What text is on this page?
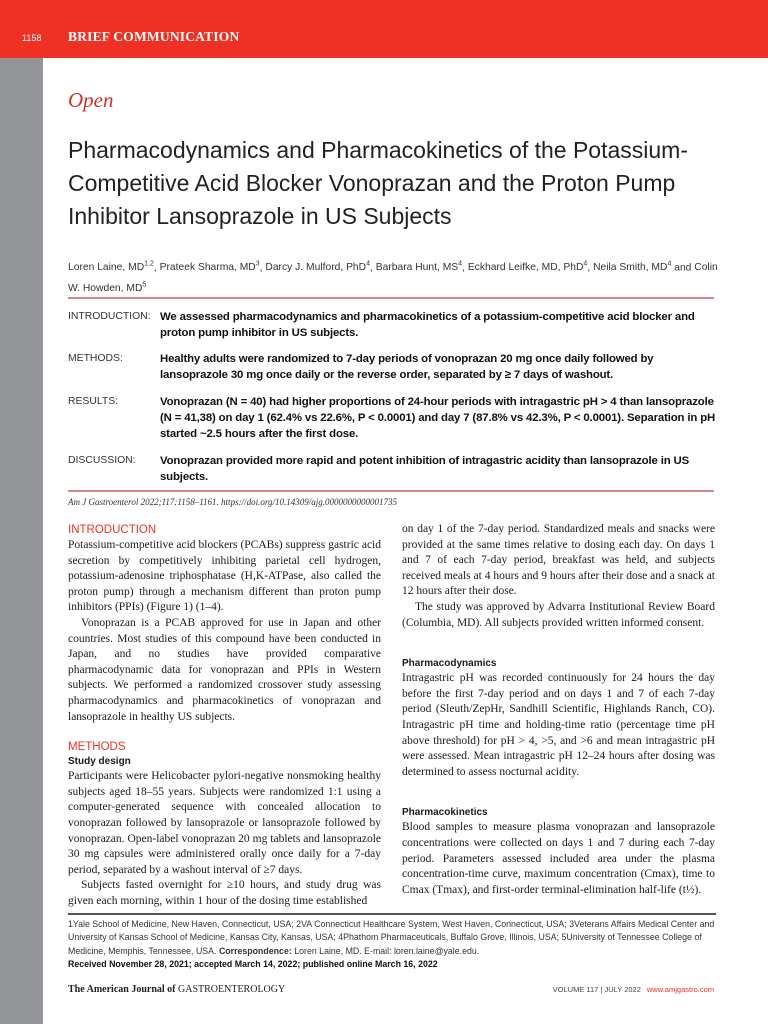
1158 BRIEF COMMUNICATION
Open
Pharmacodynamics and Pharmacokinetics of the Potassium-Competitive Acid Blocker Vonoprazan and the Proton Pump Inhibitor Lansoprazole in US Subjects
Loren Laine, MD$^{1,2}$, Prateek Sharma, $MD^3$, Darcy J. Mulford, PhD$^4$, Barbara Hunt, $MS^4$, Eckhard Leifke, MD, PhD$^4$, Neila Smith, $MD^4$ and Colin W. Howden, $MD^5$
INTRODUCTION: We assessed pharmacodynamics and pharmacokinetics of a potassium-competitive acid blocker and proton pump inhibitor in US subjects.
METHODS:	Healthy adults were randomized to 7-day periods of vonoprazan 20 mg once daily followed by lansoprazole 30 mg once daily or the reverse order, separated by ≥ 7 days of washout.
RESULTS:	Vonoprazan (N = 40) had higher proportions of 24-hour periods with intragastric pH > 4 than lansoprazole (N = 41,38) on day 1 (62.4% vs 22.6%, P < 0.0001) and day 7 (87.8% vs 42.3%, P < 0.0001). Separation in pH started ~2.5 hours after the first dose.
DISCUSSION:	Vonoprazan provided more rapid and potent inhibition of intragastric acidity than lansoprazole in US subjects.
Am J Gastroenterol 2022;117:1158–1161. https://doi.org/10.14309/ajg.0000000000001735
INTRODUCTION

Potassium-competitive acid blockers (PCABs) suppress gastric acid secretion by competitively inhibiting parietal cell hydrogen, potassium-adenosine triphosphatase (H,K-ATPase, also called the proton pump) through a mechanism different than proton pump inhibitors (PPIs) (Figure 1) (1–4).

Vonoprazan is a PCAB approved for use in Japan and other countries. Most studies of this compound have been conducted in Japan, and no studies have provided comparative pharmacodynamic data for vonoprazan and PPIs in Western subjects. We performed a randomized crossover study assessing pharmacodynamics and pharmacokinetics of vonoprazan and lansoprazole in healthy US subjects.

METHODS
Study design

Participants were Helicobacter pylori-negative nonsmoking healthy subjects aged 18–55 years. Subjects were randomized 1:1 using a computer-generated sequence with concealed allocation to vonoprazan followed by lansoprazole or lansoprazole followed by vonoprazan. Open-label vonoprazan 20 mg tablets and lansoprazole 30 mg capsules were administered orally once daily for a 7-day period, separated by a washout interval of ≥7 days.

Subjects fasted overnight for ≥10 hours, and study drug was given each morning, within 1 hour of the dosing time established

on day 1 of the 7-day period. Standardized meals and snacks were provided at the same times relative to dosing each day. On days 1 and 7 of each 7-day period, breakfast was held, and subjects received meals at 4 hours and 9 hours after their dose and a snack at 12 hours after their dose.

The study was approved by Advarra Institutional Review Board (Columbia, MD). All subjects provided written informed consent.

Pharmacodynamics

Intragastric pH was recorded continuously for 24 hours the day before the first 7-day period and on days 1 and 7 of each 7-day period (Sleuth/ZepHr, Sandhill Scientific, Highlands Ranch, CO). Intragastric pH time and holding-time ratio (percentage time pH above threshold) for pH > 4, >5, and >6 and mean intragastric pH were assessed. Mean intragastric pH 12–24 hours after dosing was determined to assess nocturnal acidity.

Pharmacokinetics

Blood samples to measure plasma vonoprazan and lansoprazole concentrations were collected on days 1 and 7 during each 7-day period. Parameters assessed included area under the plasma concentration-time curve, maximum concentration (Cmax), time to Cmax (Tmax), and first-order terminal-elimination half-life (t½).

1Yale School of Medicine, New Haven, Connecticut, USA; 2VA Connecticut Healthcare System, West Haven, Connecticut, USA; 3Veterans Affairs Medical Center and University of Kansas School of Medicine, Kansas City, Kansas, USA; 4Phathom Pharmaceuticals, Buffalo Grove, Illinois, USA; 5University of Tennessee College of Medicine, Memphis, Tennessee, USA. Correspondence: Loren Laine, MD. E-mail: loren.laine@yale.edu.
Received November 28, 2021; accepted March 14, 2022; published online March 16, 2022
The American Journal of GASTROENTEROLOGY	VOLUME 117 | JULY 2022 www.amjgastro.com
